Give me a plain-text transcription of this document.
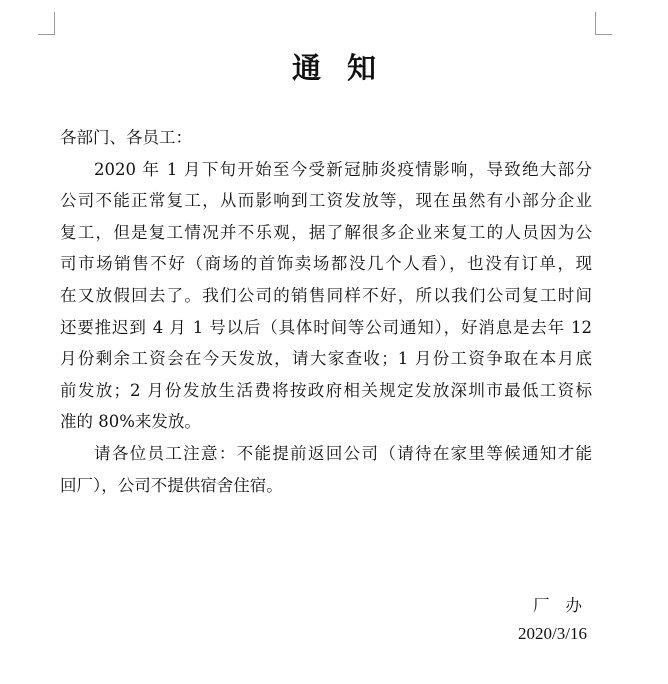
通知
各部门、各员工：
2020 年 1 月下旬开始至今受新冠肺炎疫情影响，导致绝大部分
公司不能正常复工，从而影响到工资发放等，现在虽然有小部分企业
复工，但是复工情况并不乐观，据了解很多企业来复工的人员因为公
司市场销售不好（商场的首饰卖场都没几个人看），也没有订单，现
在又放假回去了。我们公司的销售同样不好，所以我们公司复工时间
还要推迟到 4 月 1 号以后（具体时间等公司通知），好消息是去年 12
月份剩余工资会在今天发放，请大家查收；1 月份工资争取在本月底
前发放；2 月份发放生活费将按政府相关规定发放深圳市最低工资标
准的 80%来发放。
请各位员工注意：不能提前返回公司（请待在家里等候通知才能
回厂），公司不提供宿舍住宿。
厂办
2020/3/16
